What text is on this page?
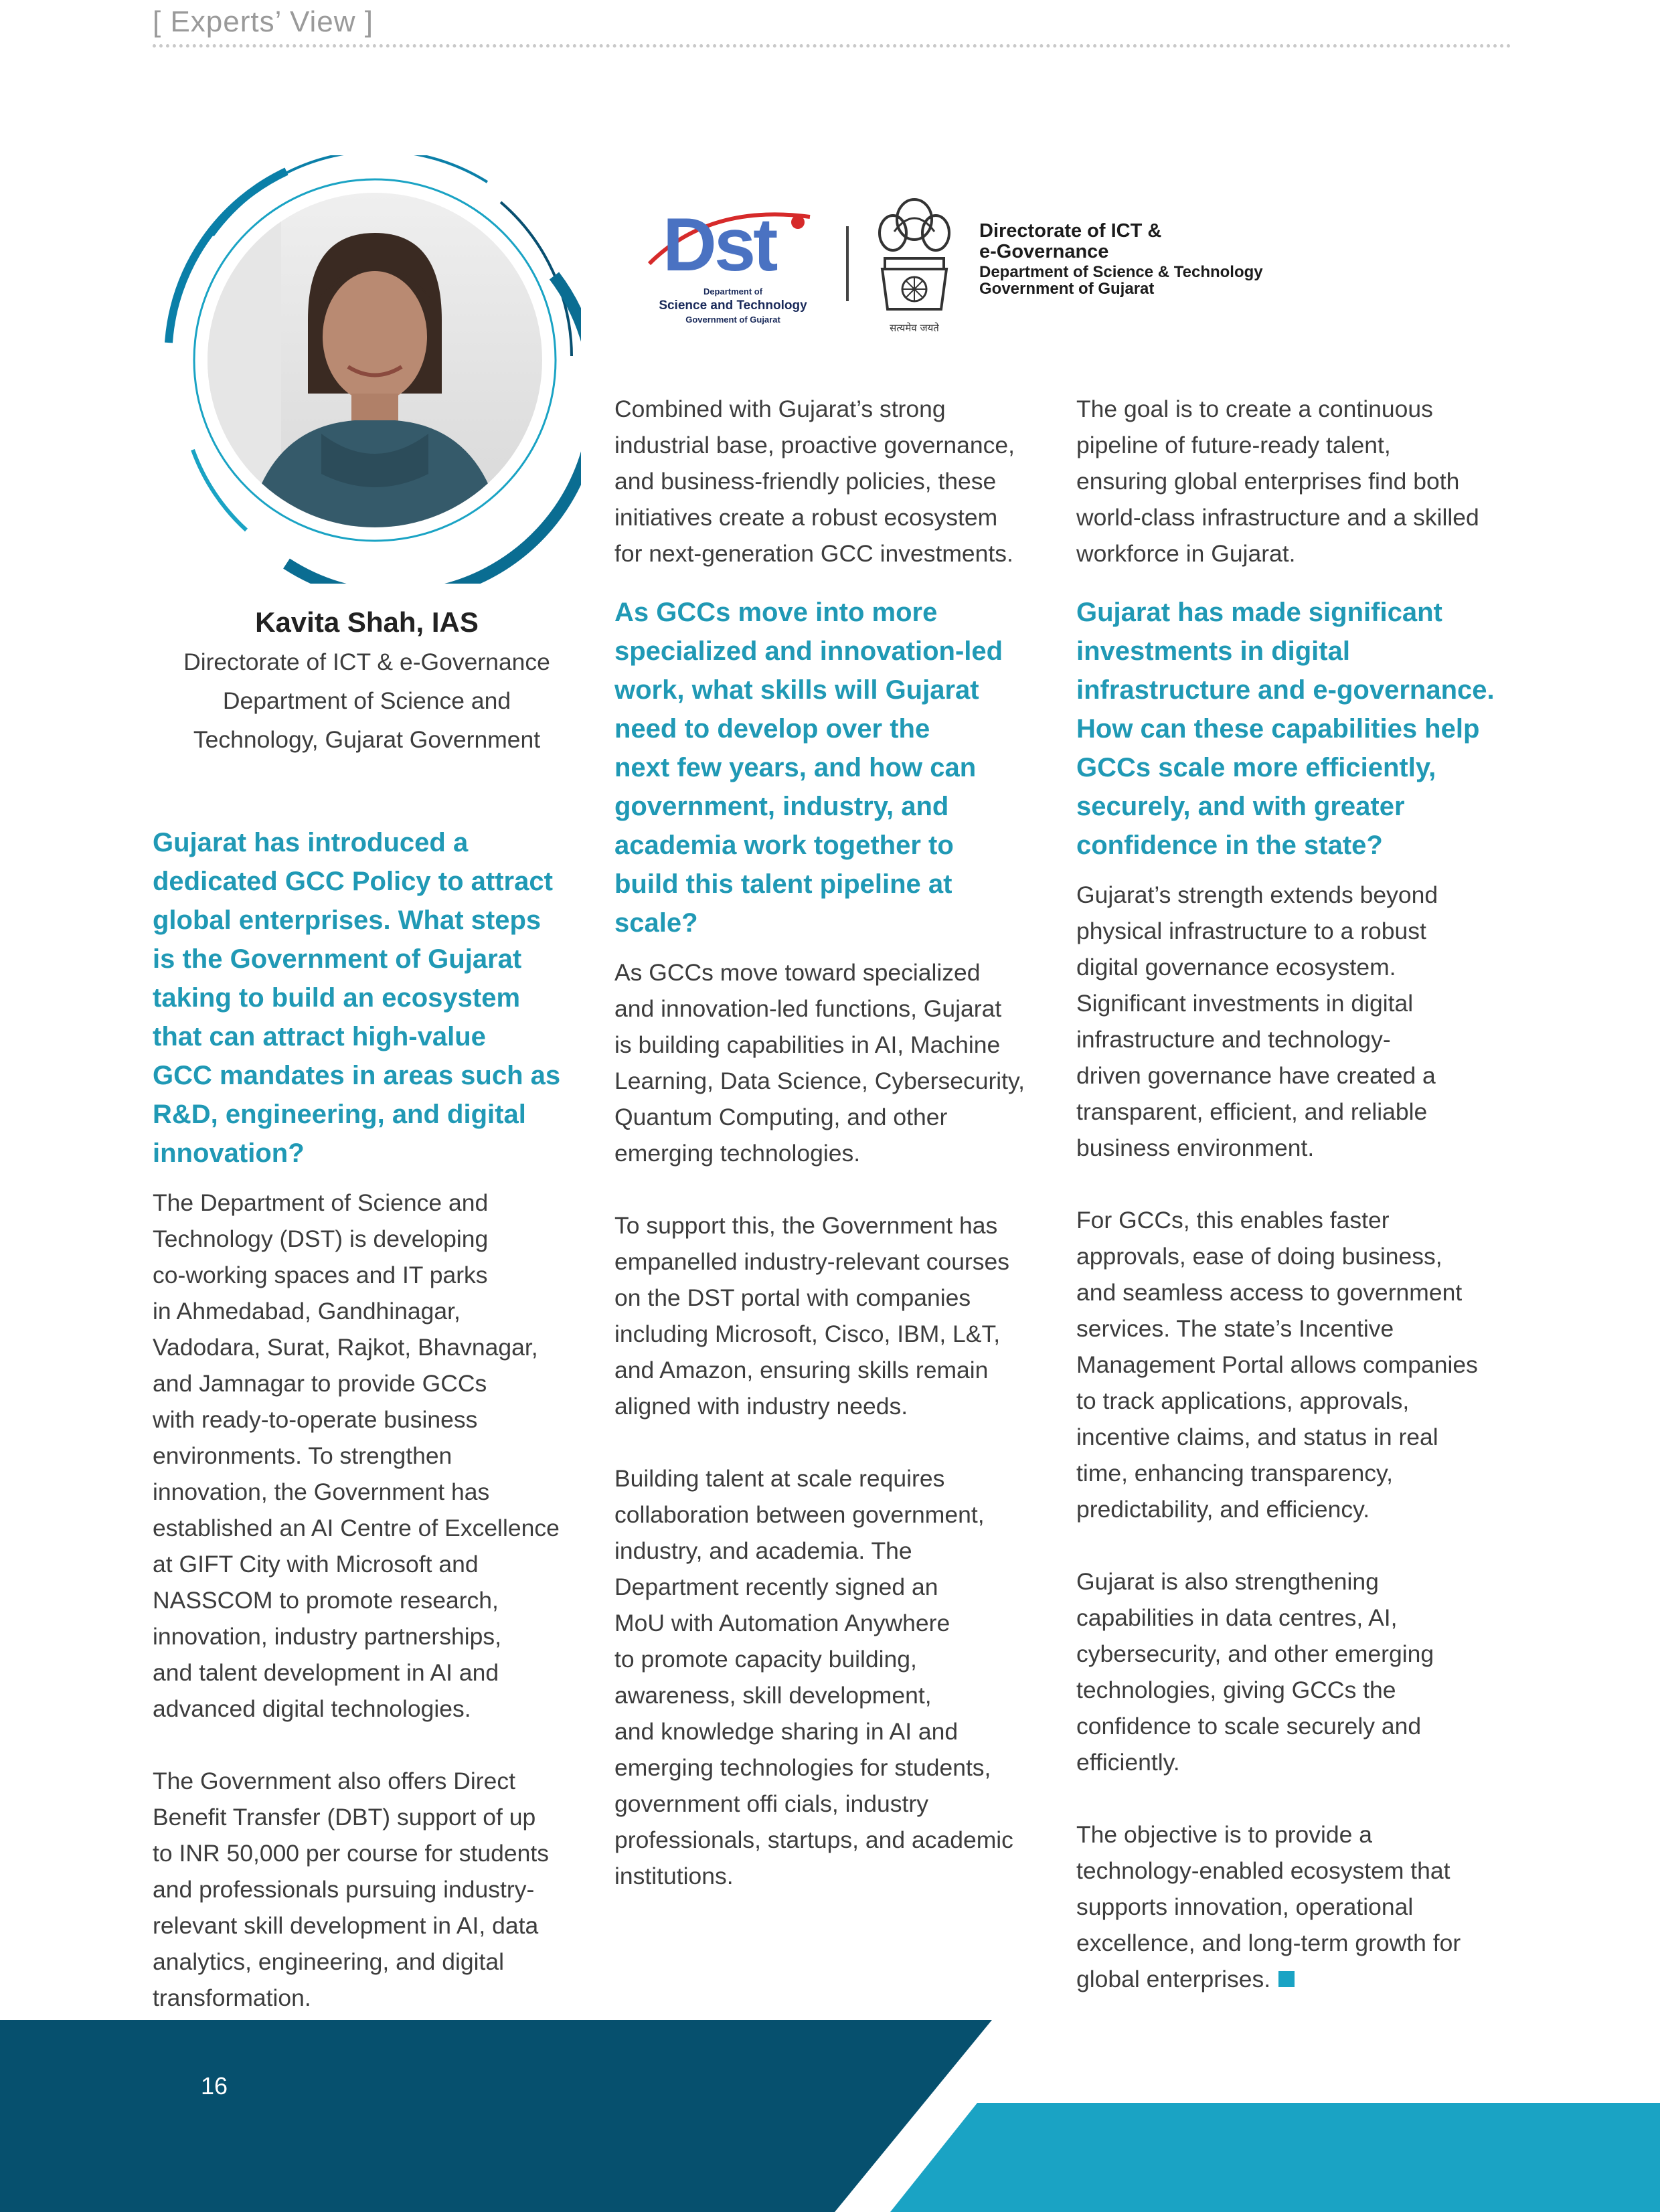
[ Experts’ View ]
Dst
Department of
Science and Technology
Government of Gujarat
सत्यमेव जयते
Directorate of ICT &
e-Governance
Department of Science & Technology
Government of Gujarat
Kavita Shah, IAS
Directorate of ICT & e-Governance
Department of Science and
Technology, Gujarat Government

Gujarat has introduced a
dedicated GCC Policy to attract
global enterprises. What steps
is the Government of Gujarat
taking to build an ecosystem
that can attract high-value
GCC mandates in areas such as
R&D, engineering, and digital
innovation?

The Department of Science and
Technology (DST) is developing
co-working spaces and IT parks
in Ahmedabad, Gandhinagar,
Vadodara, Surat, Rajkot, Bhavnagar,
and Jamnagar to provide GCCs
with ready-to-operate business
environments. To strengthen
innovation, the Government has
established an AI Centre of Excellence
at GIFT City with Microsoft and
NASSCOM to promote research,
innovation, industry partnerships,
and talent development in AI and
advanced digital technologies.

The Government also offers Direct
Benefit Transfer (DBT) support of up
to INR 50,000 per course for students
and professionals pursuing industry-
relevant skill development in AI, data
analytics, engineering, and digital
transformation.

Combined with Gujarat’s strong
industrial base, proactive governance,
and business-friendly policies, these
initiatives create a robust ecosystem
for next-generation GCC investments.

As GCCs move into more
specialized and innovation-led
work, what skills will Gujarat
need to develop over the
next few years, and how can
government, industry, and
academia work together to
build this talent pipeline at
scale?

As GCCs move toward specialized
and innovation-led functions, Gujarat
is building capabilities in AI, Machine
Learning, Data Science, Cybersecurity,
Quantum Computing, and other
emerging technologies.

To support this, the Government has
empanelled industry-relevant courses
on the DST portal with companies
including Microsoft, Cisco, IBM, L&T,
and Amazon, ensuring skills remain
aligned with industry needs.

Building talent at scale requires
collaboration between government,
industry, and academia. The
Department recently signed an
MoU with Automation Anywhere
to promote capacity building,
awareness, skill development,
and knowledge sharing in AI and
emerging technologies for students,
government offi cials, industry
professionals, startups, and academic
institutions.

The goal is to create a continuous
pipeline of future-ready talent,
ensuring global enterprises find both
world-class infrastructure and a skilled
workforce in Gujarat.

Gujarat has made significant
investments in digital
infrastructure and e-governance.
How can these capabilities help
GCCs scale more efficiently,
securely, and with greater
confidence in the state?

Gujarat’s strength extends beyond
physical infrastructure to a robust
digital governance ecosystem.
Significant investments in digital
infrastructure and technology-
driven governance have created a
transparent, efficient, and reliable
business environment.

For GCCs, this enables faster
approvals, ease of doing business,
and seamless access to government
services. The state’s Incentive
Management Portal allows companies
to track applications, approvals,
incentive claims, and status in real
time, enhancing transparency,
predictability, and efficiency.

Gujarat is also strengthening
capabilities in data centres, AI,
cybersecurity, and other emerging
technologies, giving GCCs the
confidence to scale securely and
efficiently.

The objective is to provide a
technology-enabled ecosystem that
supports innovation, operational
excellence, and long-term growth for
global enterprises.

16
